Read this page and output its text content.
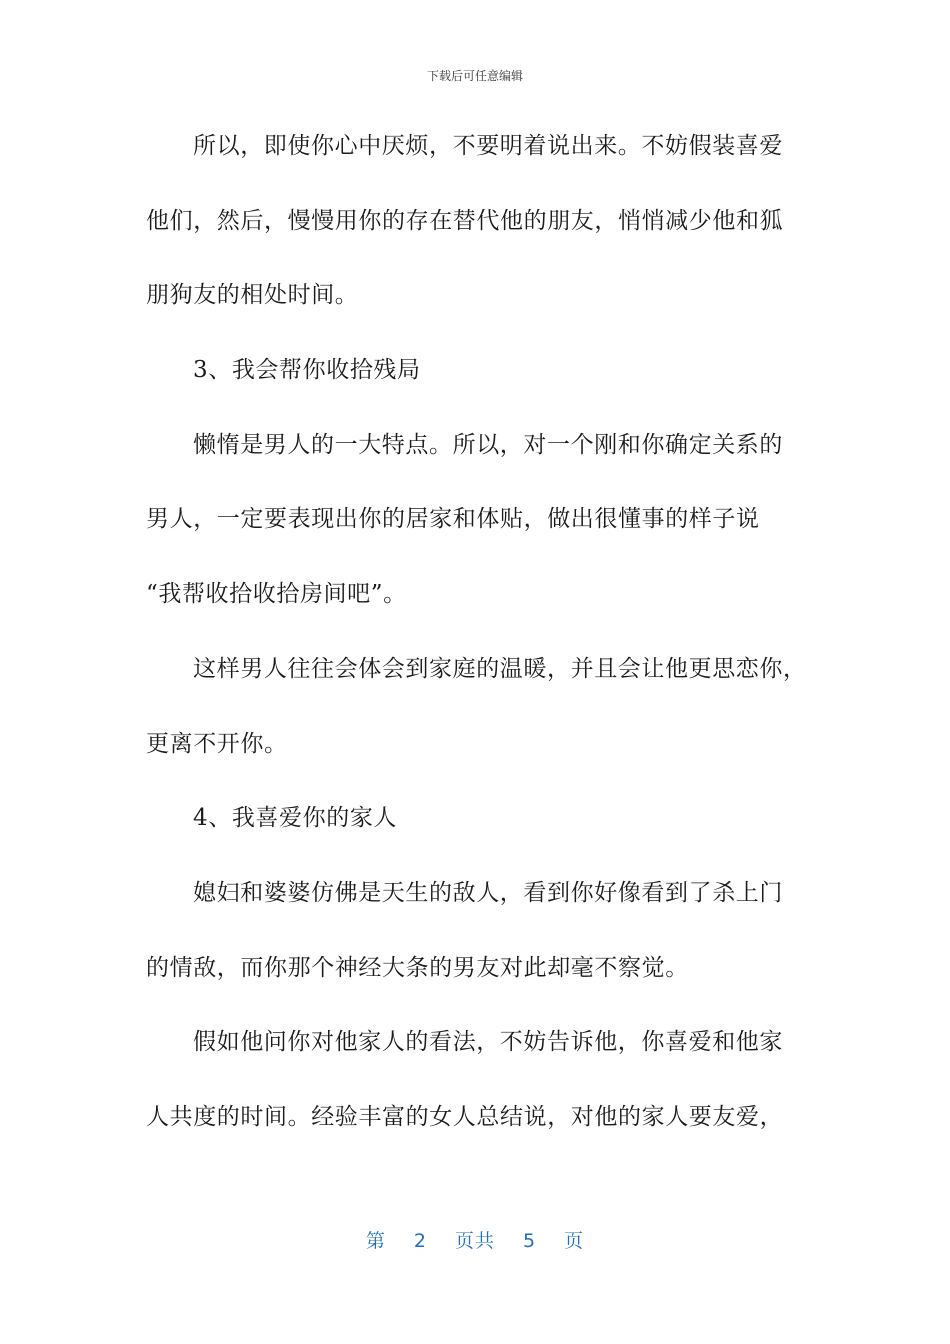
下载后可任意编辑
所以，即使你心中厌烦，不要明着说出来。不妨假装喜爱
他们，然后，慢慢用你的存在替代他的朋友，悄悄减少他和狐
朋狗友的相处时间。
3、我会帮你收拾残局
懒惰是男人的一大特点。所以，对一个刚和你确定关系的
男人，一定要表现出你的居家和体贴，做出很懂事的样子说
“我帮收拾收拾房间吧”。
这样男人往往会体会到家庭的温暖，并且会让他更思恋你，
更离不开你。
4、我喜爱你的家人
媳妇和婆婆仿佛是天生的敌人，看到你好像看到了杀上门
的情敌，而你那个神经大条的男友对此却毫不察觉。
假如他问你对他家人的看法，不妨告诉他，你喜爱和他家
人共度的时间。经验丰富的女人总结说，对他的家人要友爱，
第 2 页共 5 页
